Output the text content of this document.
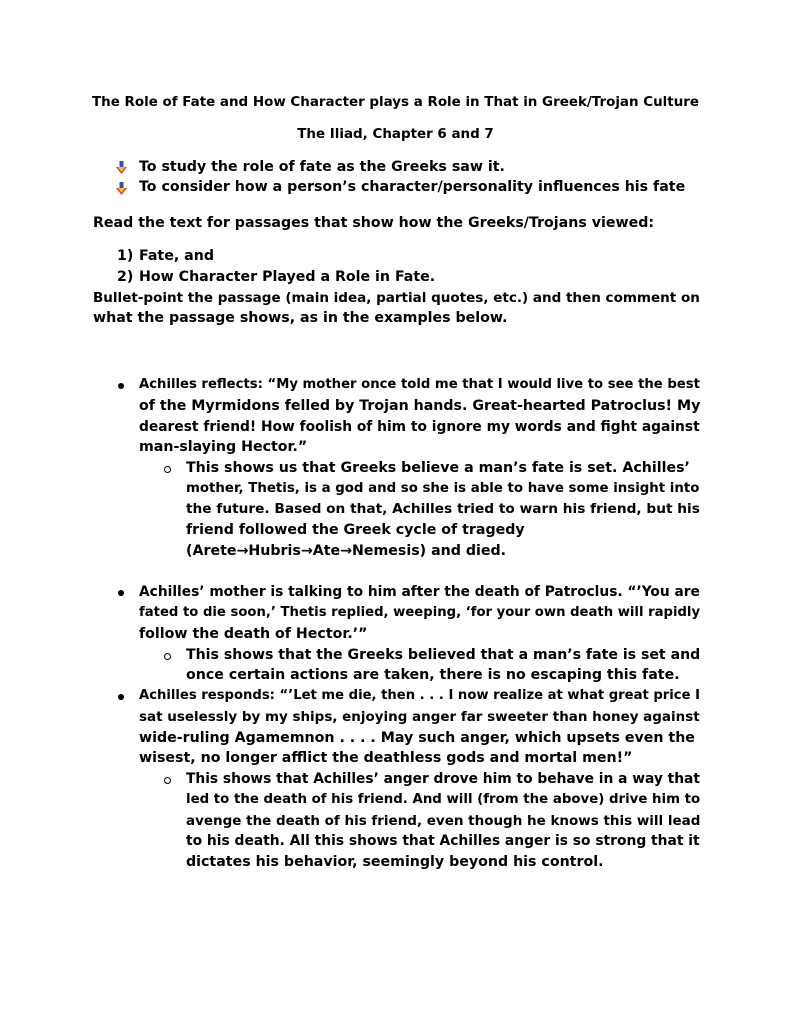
The Role of Fate and How Character plays a Role in That in Greek/Trojan Culture
The Iliad, Chapter 6 and 7
To study the role of fate as the Greeks saw it.
To consider how a person’s character/personality influences his fate
Read the text for passages that show how the Greeks/Trojans viewed:
1) Fate, and
2) How Character Played a Role in Fate.
Bullet-point the passage (main idea, partial quotes, etc.) and then comment on
what the passage shows, as in the examples below.
Achilles reflects: “My mother once told me that I would live to see the best
of the Myrmidons felled by Trojan hands. Great-hearted Patroclus! My
dearest friend! How foolish of him to ignore my words and fight against
man-slaying Hector.”
This shows us that Greeks believe a man’s fate is set. Achilles’
mother, Thetis, is a god and so she is able to have some insight into
the future. Based on that, Achilles tried to warn his friend, but his
friend followed the Greek cycle of tragedy
(Arete→Hubris→Ate→Nemesis) and died.
Achilles’ mother is talking to him after the death of Patroclus. “’You are
fated to die soon,’ Thetis replied, weeping, ‘for your own death will rapidly
follow the death of Hector.’”
This shows that the Greeks believed that a man’s fate is set and
once certain actions are taken, there is no escaping this fate.
Achilles responds: “’Let me die, then . . . I now realize at what great price I
sat uselessly by my ships, enjoying anger far sweeter than honey against
wide-ruling Agamemnon . . . . May such anger, which upsets even the
wisest, no longer afflict the deathless gods and mortal men!”
This shows that Achilles’ anger drove him to behave in a way that
led to the death of his friend. And will (from the above) drive him to
avenge the death of his friend, even though he knows this will lead
to his death. All this shows that Achilles anger is so strong that it
dictates his behavior, seemingly beyond his control.
